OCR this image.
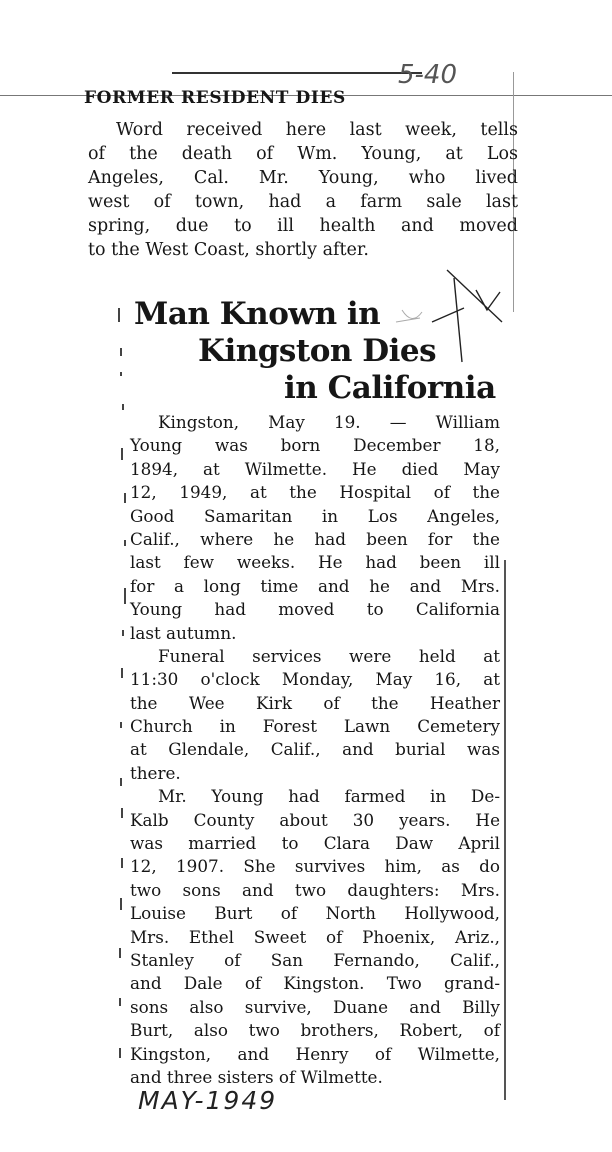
FORMER RESIDENT DIES
Word received here last week, tells
of the death of Wm. Young, at Los
Angeles, Cal. Mr. Young, who lived
west of town, had a farm sale last
spring, due to ill health and moved
to the West Coast, shortly after.
5-40
Man Known in
Kingston Dies
in California
Kingston, May 19. — William
Young was born December 18,
1894, at Wilmette. He died May
12, 1949, at the Hospital of the
Good Samaritan in Los Angeles,
Calif., where he had been for the
last few weeks. He had been ill
for a long time and he and Mrs.
Young had moved to California
last autumn.
Funeral services were held at
11:30 o'clock Monday, May 16, at
the Wee Kirk of the Heather
Church in Forest Lawn Cemetery
at Glendale, Calif., and burial was
there.
Mr. Young had farmed in De-
Kalb County about 30 years. He
was married to Clara Daw April
12, 1907. She survives him, as do
two sons and two daughters: Mrs.
Louise Burt of North Hollywood,
Mrs. Ethel Sweet of Phoenix, Ariz.,
Stanley of San Fernando, Calif.,
and Dale of Kingston. Two grand-
sons also survive, Duane and Billy
Burt, also two brothers, Robert, of
Kingston, and Henry of Wilmette,
and three sisters of Wilmette.
MAY-1949
